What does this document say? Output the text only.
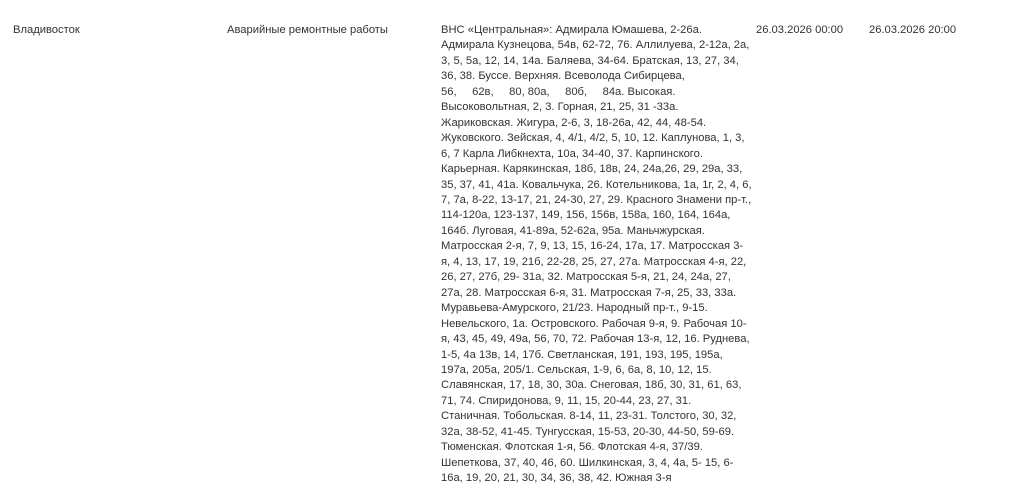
Владивосток	Аварийные ремонтные работы	ВНС «Центральная»: Адмирала Юмашева, 2-26а.
Адмирала Кузнецова, 54в, 62-72, 76. Аллилуева, 2-12а, 2а,
3, 5, 5а, 12, 14, 14а. Баляева, 34-64. Братская, 13, 27, 34,
36, 38. Буссе. Верхняя. Всеволода Сибирцева,
56,     62в,     80, 80а,     80б,     84а. Высокая.
Высоковольтная, 2, 3. Горная, 21, 25, 31 -33а.
Жариковская. Жигура, 2-6, 3, 18-26а, 42, 44, 48-54.
Жуковского. Зейская, 4, 4/1, 4/2, 5, 10, 12. Каплунова, 1, 3,
6, 7 Карла Либкнехта, 10а, 34-40, 37. Карпинского.
Карьерная. Карякинская, 18б, 18в, 24, 24а,26, 29, 29а, 33,
35, 37, 41, 41а. Ковальчука, 26. Котельникова, 1а, 1г, 2, 4, 6,
7, 7а, 8-22, 13-17, 21, 24-30, 27, 29. Красного Знамени пр-т.,
114-120а, 123-137, 149, 156, 156в, 158а, 160, 164, 164а,
164б. Луговая, 41-89а, 52-62а, 95а. Маньчжурская.
Матросская 2-я, 7, 9, 13, 15, 16-24, 17а, 17. Матросская 3-
я, 4, 13, 17, 19, 21б, 22-28, 25, 27, 27а. Матросская 4-я, 22,
26, 27, 27б, 29- 31а, 32. Матросская 5-я, 21, 24, 24а, 27,
27а, 28. Матросская 6-я, 31. Матросская 7-я, 25, 33, 33а.
Муравьева-Амурского, 21/23. Народный пр-т., 9-15.
Невельского, 1а. Островского. Рабочая 9-я, 9. Рабочая 10-
я, 43, 45, 49, 49а, 56, 70, 72. Рабочая 13-я, 12, 16. Руднева,
1-5, 4а 13в, 14, 17б. Светланская, 191, 193, 195, 195а,
197а, 205а, 205/1. Сельская, 1-9, 6, 6а, 8, 10, 12, 15.
Славянская, 17, 18, 30, 30а. Снеговая, 18б, 30, 31, 61, 63,
71, 74. Спиридонова, 9, 11, 15, 20-44, 23, 27, 31.
Станичная. Тобольская. 8-14, 11, 23-31. Толстого, 30, 32,
32а, 38-52, 41-45. Тунгусская, 15-53, 20-30, 44-50, 59-69.
Тюменская. Флотская 1-я, 56. Флотская 4-я, 37/39.
Шепеткова, 37, 40, 46, 60. Шилкинская, 3, 4, 4а, 5- 15, 6-
16а, 19, 20, 21, 30, 34, 36, 38, 42. Южная 3-я
26.03.2026 00:00 26.03.2026 20:00
